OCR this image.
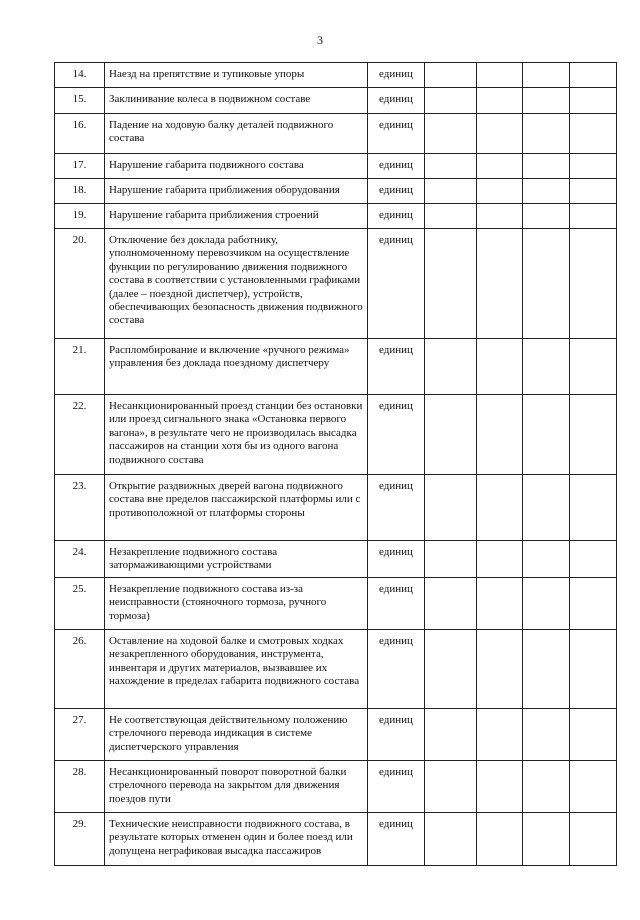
3
14.	Наезд на препятствие и тупиковые упоры	единиц				
15.	Заклинивание колеса в подвижном составе	единиц				
16.	Падение на ходовую балку деталей подвижного состава	единиц				
17.	Нарушение габарита подвижного состава	единиц				
18.	Нарушение габарита приближения оборудования	единиц				
19.	Нарушение габарита приближения строений	единиц				
20.	Отключение без доклада работнику, уполномоченному перевозчиком на осуществление функции по регулированию движения подвижного состава в соответствии с установленными графиками (далее – поездной диспетчер), устройств, обеспечивающих безопасность движения подвижного состава	единиц				
21.	Распломбирование и включение «ручного режима» управления без доклада поездному диспетчеру	единиц				
22.	Несанкционированный проезд станции без остановки или проезд сигнального знака «Остановка первого вагона», в результате чего не производилась высадка пассажиров на станции хотя бы из одного вагона подвижного состава	единиц				
23.	Открытие раздвижных дверей вагона подвижного состава вне пределов пассажирской платформы или с противоположной от платформы стороны	единиц				
24.	Незакрепление подвижного состава затормаживающими устройствами	единиц				
25.	Незакрепление подвижного состава из-за неисправности (стояночного тормоза, ручного тормоза)	единиц				
26.	Оставление на ходовой балке и смотровых ходках незакрепленного оборудования, инструмента, инвентаря и других материалов, вызвавшее их нахождение в пределах габарита подвижного состава	единиц				
27.	Не соответствующая действительному положению стрелочного перевода индикация в системе диспетчерского управления	единиц				
28.	Несанкционированный поворот поворотной балки стрелочного перевода на закрытом для движения поездов пути	единиц				
29.	Технические неисправности подвижного состава, в результате которых отменен один и более поезд или допущена неграфиковая высадка пассажиров	единиц				
